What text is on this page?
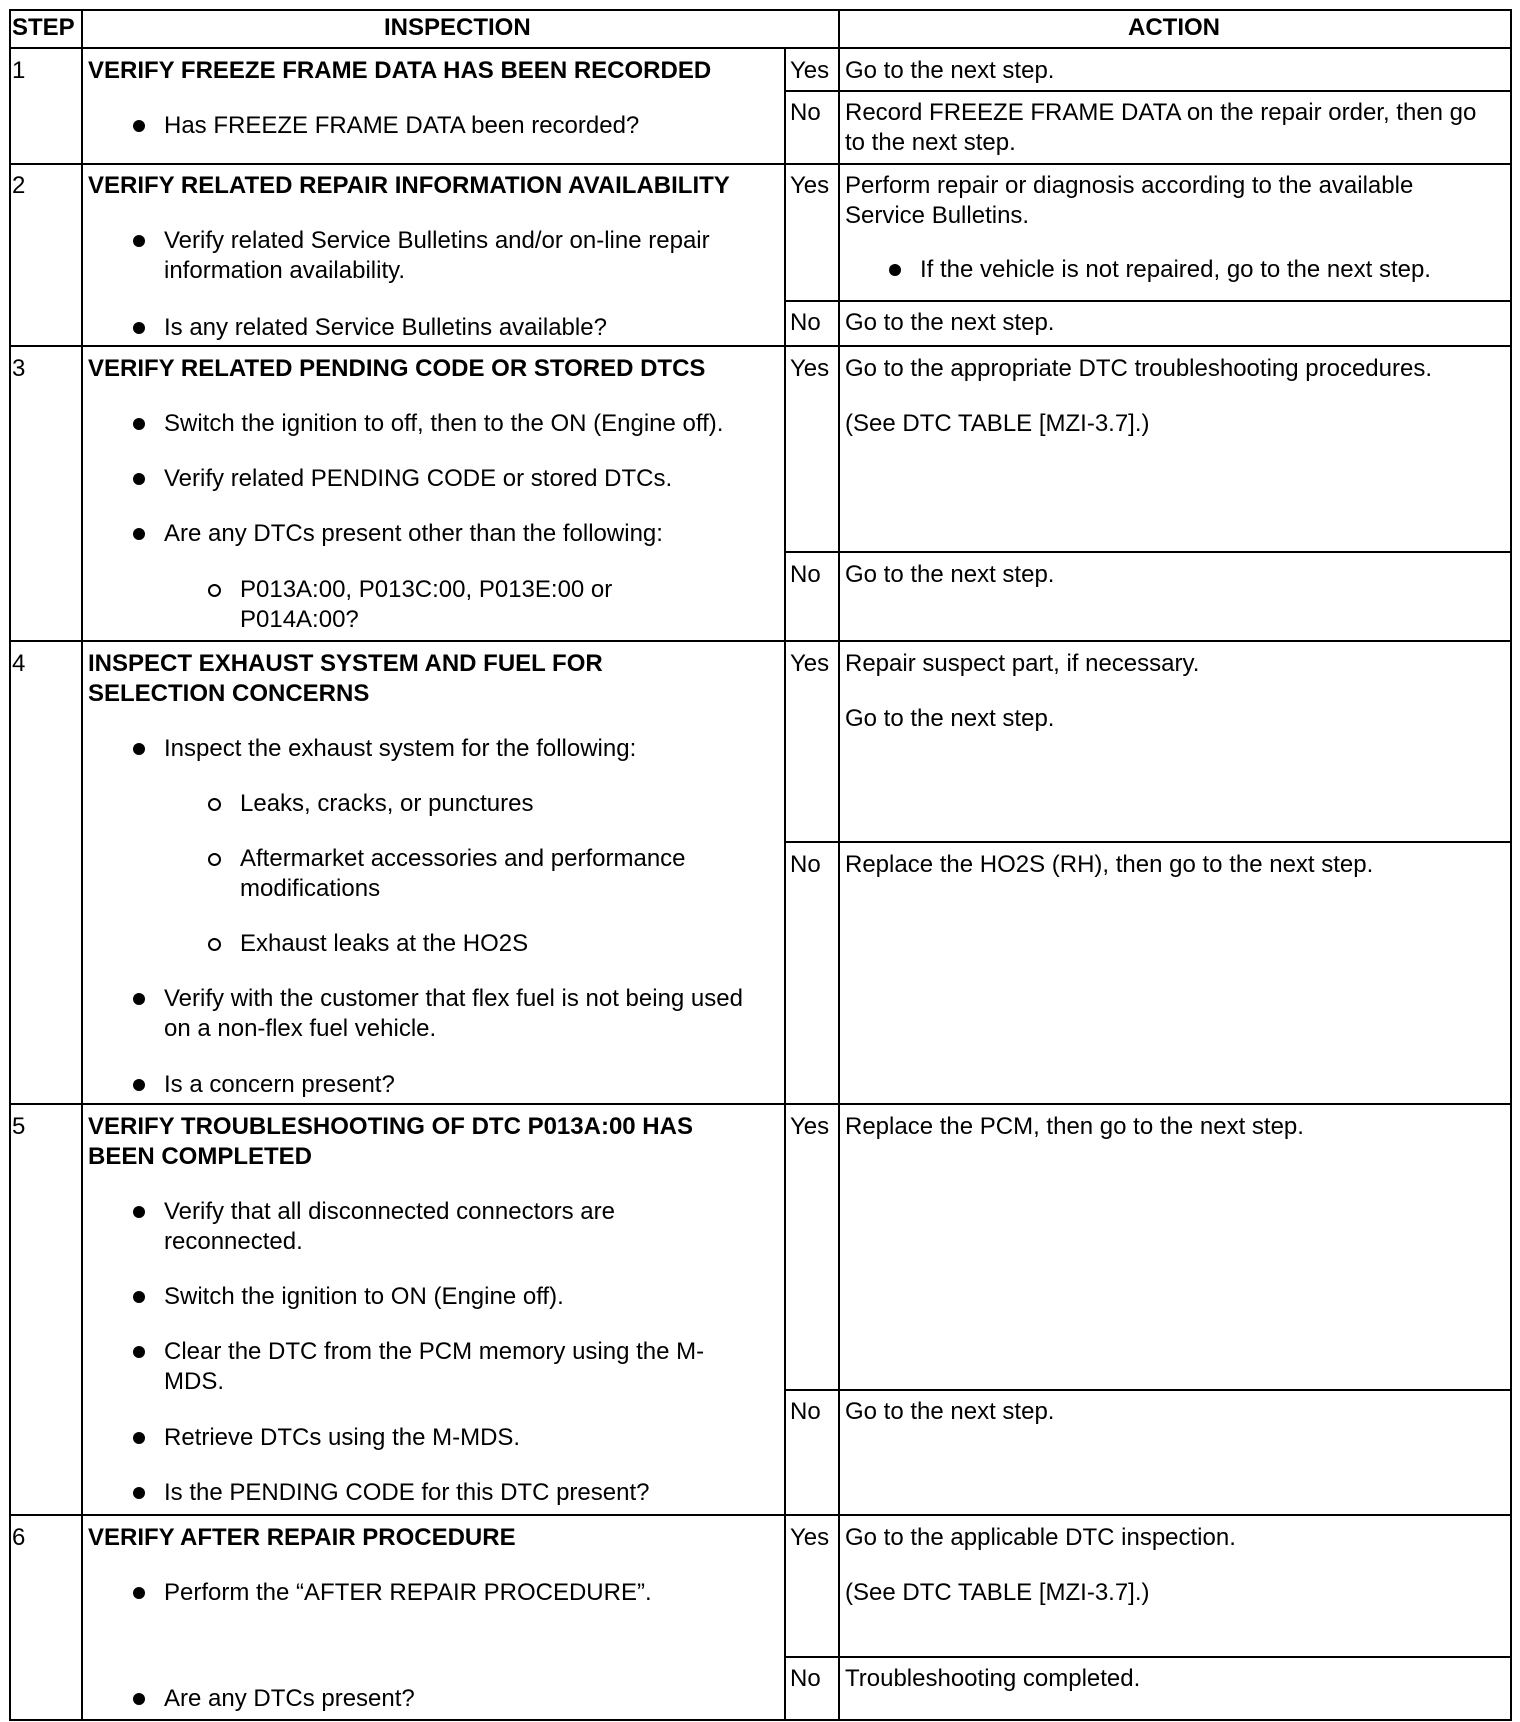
STEP	INSPECTION	ACTION
1	VERIFY FREEZE FRAME DATA HAS BEEN RECORDED
Has FREEZE FRAME DATA been recorded?
Yes Go to the next step.
No Record FREEZE FRAME DATA on the repair order, then go to the next step.
2	VERIFY RELATED REPAIR INFORMATION AVAILABILITY
Verify related Service Bulletins and/or on-line repair information availability.
Is any related Service Bulletins available?
Yes Perform repair or diagnosis according to the available Service Bulletins.
If the vehicle is not repaired, go to the next step.
No Go to the next step.
3	VERIFY RELATED PENDING CODE OR STORED DTCS
Switch the ignition to off, then to the ON (Engine off).
Verify related PENDING CODE or stored DTCs.
Are any DTCs present other than the following:
P013A:00, P013C:00, P013E:00 or P014A:00?
Yes Go to the appropriate DTC troubleshooting procedures.
(See DTC TABLE [MZI-3.7].)
No Go to the next step.
4	INSPECT EXHAUST SYSTEM AND FUEL FOR SELECTION CONCERNS
Inspect the exhaust system for the following:
Leaks, cracks, or punctures
Aftermarket accessories and performance modifications
Exhaust leaks at the HO2S
Verify with the customer that flex fuel is not being used on a non-flex fuel vehicle.
Is a concern present?
Yes Repair suspect part, if necessary.
Go to the next step.
No Replace the HO2S (RH), then go to the next step.
5	VERIFY TROUBLESHOOTING OF DTC P013A:00 HAS BEEN COMPLETED
Verify that all disconnected connectors are reconnected.
Switch the ignition to ON (Engine off).
Clear the DTC from the PCM memory using the M-MDS.
Retrieve DTCs using the M-MDS.
Is the PENDING CODE for this DTC present?
Yes Replace the PCM, then go to the next step.
No Go to the next step.
6	VERIFY AFTER REPAIR PROCEDURE
Perform the “AFTER REPAIR PROCEDURE”.
Are any DTCs present?
Yes Go to the applicable DTC inspection.
(See DTC TABLE [MZI-3.7].)
No Troubleshooting completed.
